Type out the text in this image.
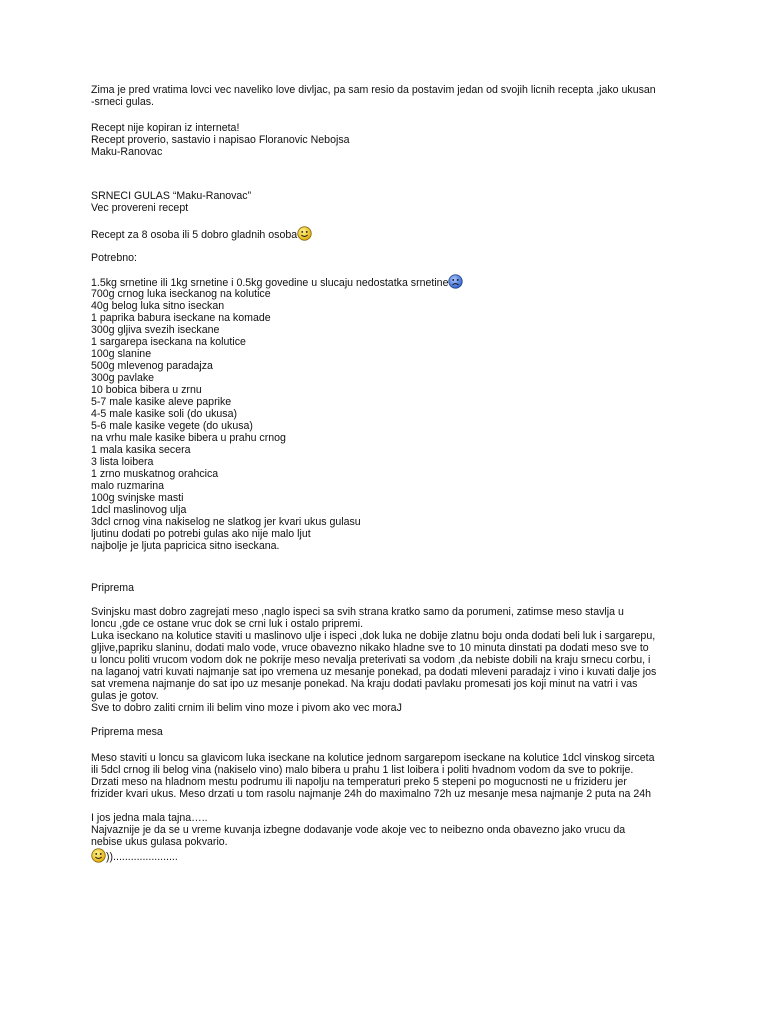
Zima je pred vratima lovci vec naveliko love divljac, pa sam resio da postavim jedan od svojih licnih recepta ,jako ukusan

-srneci gulas.

Recept nije kopiran iz interneta!

Recept proverio, sastavio i napisao Floranovic Nebojsa

Maku-Ranovac

SRNECI GULAS “Maku-Ranovac”

Vec provereni recept

Recept za 8 osoba ili 5 dobro gladnih osoba

Potrebno:

1.5kg srnetine ili 1kg srnetine i 0.5kg govedine u slucaju nedostatka srnetine

700g crnog luka iseckanog na kolutice
40g belog luka sitno iseckan
1 paprika babura iseckane na komade
300g gljiva svezih iseckane
1 sargarepa iseckana na kolutice
100g slanine
500g mlevenog paradajza
300g pavlake
10 bobica bibera u zrnu
5-7 male kasike aleve paprike
4-5 male kasike soli (do ukusa)
5-6 male kasike vegete (do ukusa)
na vrhu male kasike bibera u prahu crnog
1 mala kasika secera
3 lista loibera
1 zrno muskatnog orahcica
malo ruzmarina
100g svinjske masti
1dcl maslinovog ulja
3dcl crnog vina nakiselog ne slatkog jer kvari ukus gulasu
ljutinu dodati po potrebi gulas ako nije malo ljut
najbolje je ljuta papricica sitno iseckana.

Priprema

Svinjsku mast dobro zagrejati meso ,naglo ispeci sa svih strana kratko samo da porumeni, zatimse meso stavlja u

loncu ,gde ce ostane vruc dok se crni luk i ostalo pripremi.

Luka iseckano na kolutice staviti u maslinovo ulje i ispeci ,dok luka ne dobije zlatnu boju onda dodati beli luk i sargarepu,

gljive,papriku slaninu, dodati malo vode, vruce obavezno nikako hladne sve to 10 minuta dinstati pa dodati meso sve to

u loncu politi vrucom vodom dok ne pokrije meso nevalja preterivati sa vodom ,da nebiste dobili na kraju srnecu corbu, i

na laganoj vatri kuvati najmanje sat ipo vremena uz mesanje ponekad, pa dodati mleveni paradajz i vino i kuvati dalje jos

sat vremena najmanje do sat ipo uz mesanje ponekad. Na kraju dodati pavlaku promesati jos koji minut na vatri i vas

gulas je gotov.

Sve to dobro zaliti crnim ili belim vino moze i pivom ako vec moraJ

Priprema mesa

Meso staviti u loncu sa glavicom luka iseckane na kolutice jednom sargarepom iseckane na kolutice 1dcl vinskog sirceta

ili 5dcl crnog ili belog vina (nakiselo vino) malo bibera u prahu 1 list loibera i politi hvadnom vodom da sve to pokrije.

Drzati meso na hladnom mestu podrumu ili napolju na temperaturi preko 5 stepeni po mogucnosti ne u frizideru jer

frizider kvari ukus. Meso drzati u tom rasolu najmanje 24h do maximalno 72h uz mesanje mesa najmanje 2 puta na 24h

I jos jedna mala tajna…..

Najvaznije je da se u vreme kuvanja izbegne dodavanje vode akoje vec to neibezno onda obavezno jako vrucu da

nebise ukus gulasa pokvario.

))......................
